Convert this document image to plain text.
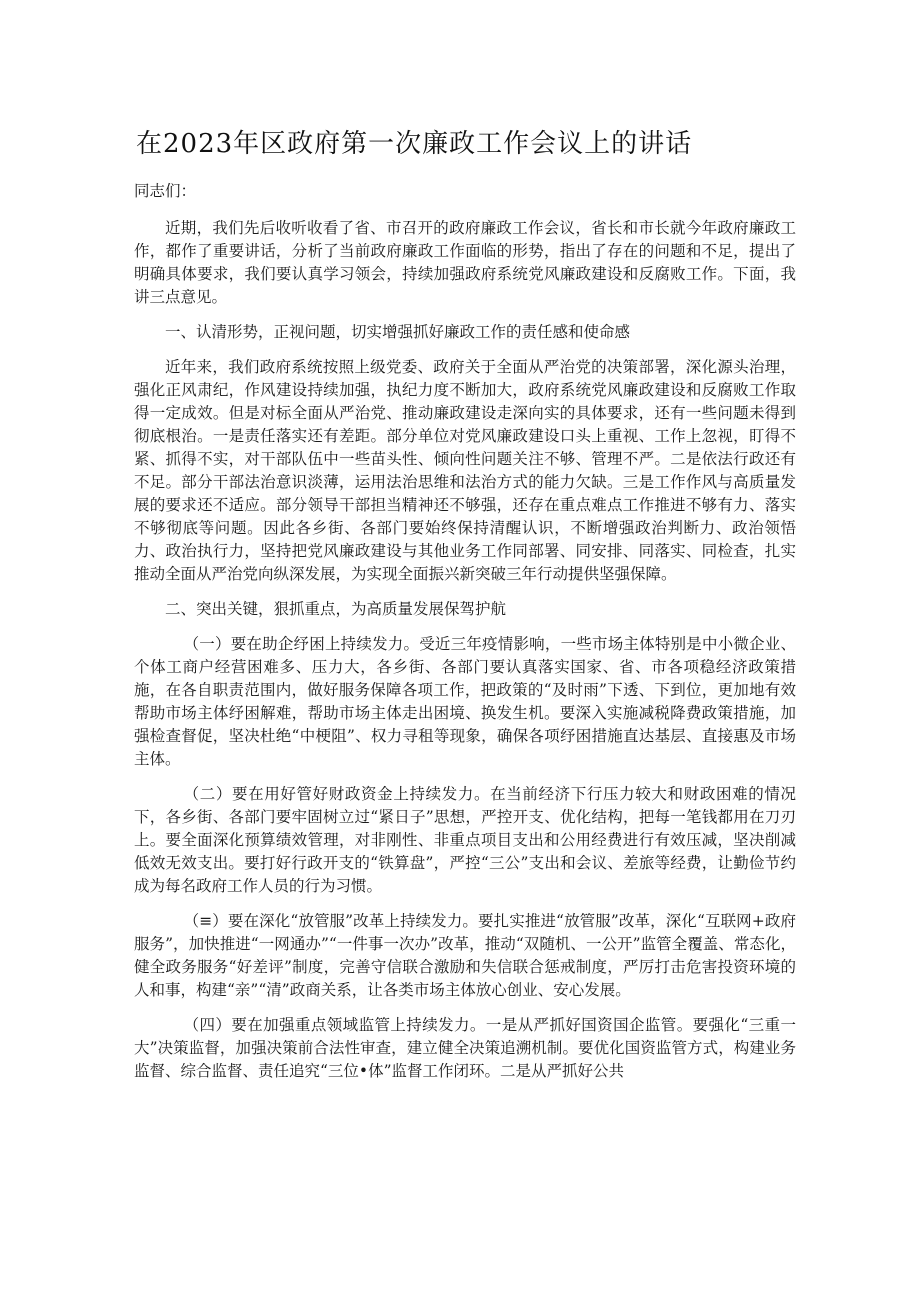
在2023年区政府第一次廉政工作会议上的讲话

同志们：

近期，我们先后收听收看了省、市召开的政府廉政工作会议，省长和市长就今年政府廉政工作，都作了重要讲话，分析了当前政府廉政工作面临的形势，指出了存在的问题和不足，提出了明确具体要求，我们要认真学习领会，持续加强政府系统党风廉政建设和反腐败工作。下面，我讲三点意见。

一、认清形势，正视问题，切实增强抓好廉政工作的责任感和使命感

近年来，我们政府系统按照上级党委、政府关于全面从严治党的决策部署，深化源头治理，强化正风肃纪，作风建设持续加强，执纪力度不断加大，政府系统党风廉政建设和反腐败工作取得一定成效。但是对标全面从严治党、推动廉政建设走深向实的具体要求，还有一些问题未得到彻底根治。一是责任落实还有差距。部分单位对党风廉政建设口头上重视、工作上忽视，盯得不紧、抓得不实，对干部队伍中一些苗头性、倾向性问题关注不够、管理不严。二是依法行政还有不足。部分干部法治意识淡薄，运用法治思维和法治方式的能力欠缺。三是工作作风与高质量发展的要求还不适应。部分领导干部担当精神还不够强，还存在重点难点工作推进不够有力、落实不够彻底等问题。因此各乡街、各部门要始终保持清醒认识，不断增强政治判断力、政治领悟力、政治执行力，坚持把党风廉政建设与其他业务工作同部署、同安排、同落实、同检查，扎实推动全面从严治党向纵深发展，为实现全面振兴新突破三年行动提供坚强保障。

二、突出关键，狠抓重点，为高质量发展保驾护航

（一）要在助企纾困上持续发力。受近三年疫情影响，一些市场主体特别是中小微企业、个体工商户经营困难多、压力大，各乡街、各部门要认真落实国家、省、市各项稳经济政策措施，在各自职责范围内，做好服务保障各项工作，把政策的“及时雨”下透、下到位，更加地有效帮助市场主体纾困解难，帮助市场主体走出困境、换发生机。要深入实施减税降费政策措施，加强检查督促，坚决杜绝“中梗阻”、权力寻租等现象，确保各项纾困措施直达基层、直接惠及市场主体。

（二）要在用好管好财政资金上持续发力。在当前经济下行压力较大和财政困难的情况下，各乡街、各部门要牢固树立过“紧日子”思想，严控开支、优化结构，把每一笔钱都用在刀刃上。要全面深化预算绩效管理，对非刚性、非重点项目支出和公用经费进行有效压减，坚决削减低效无效支出。要打好行政开支的“铁算盘”，严控“三公”支出和会议、差旅等经费，让勤俭节约成为每名政府工作人员的行为习惯。

（≡）要在深化“放管服”改革上持续发力。要扎实推进“放管服”改革，深化“互联网+政府服务”，加快推进“一网通办”“一件事一次办”改革，推动“双随机、一公开”监管全覆盖、常态化，健全政务服务“好差评”制度，完善守信联合激励和失信联合惩戒制度，严厉打击危害投资环境的人和事，构建“亲”“清”政商关系，让各类市场主体放心创业、安心发展。

（四）要在加强重点领域监管上持续发力。一是从严抓好国资国企监管。要强化“三重一大”决策监督，加强决策前合法性审查，建立健全决策追溯机制。要优化国资监管方式，构建业务监督、综合监督、责任追究“三位•体”监督工作闭环。二是从严抓好公共
